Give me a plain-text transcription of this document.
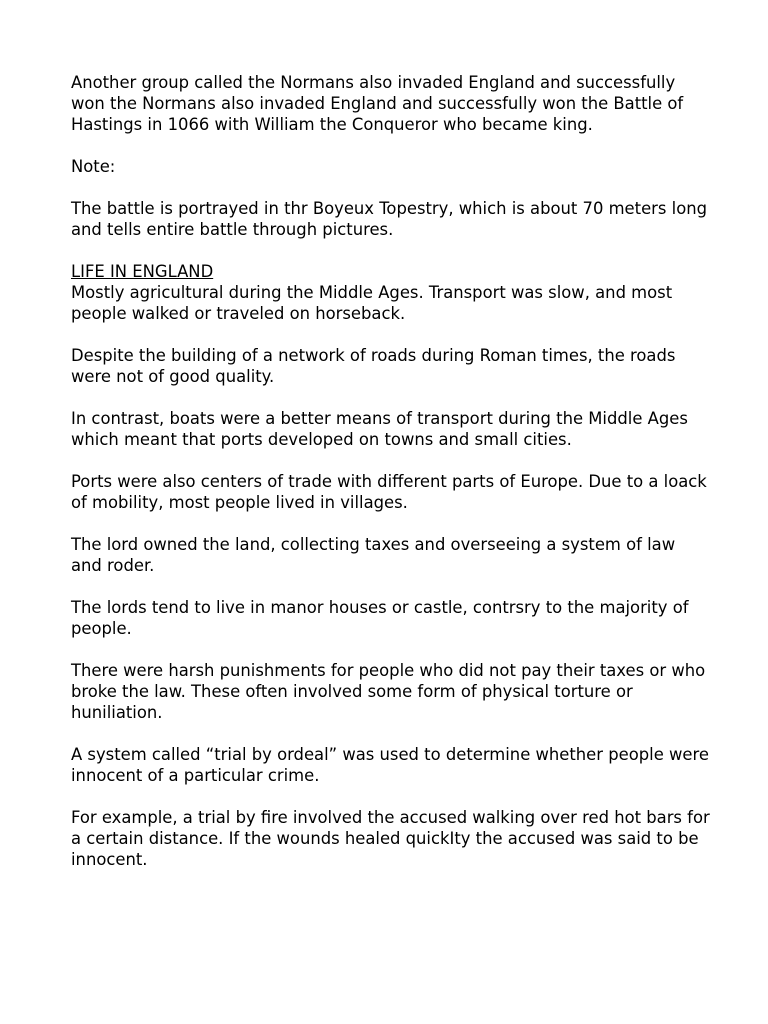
Another group called the Normans also invaded England and successfully won the Normans also invaded England and successfully won the Battle of Hastings in 1066 with William the Conqueror who became king.

Note:

The battle is portrayed in thr Boyeux Topestry, which is about 70 meters long and tells entire battle through pictures.

LIFE IN ENGLAND

Mostly agricultural during the Middle Ages. Transport was slow, and most people walked or traveled on horseback.

Despite the building of a network of roads during Roman times, the roads were not of good quality.

In contrast, boats were a better means of transport during the Middle Ages which meant that ports developed on towns and small cities.

Ports were also centers of trade with different parts of Europe. Due to a loack of mobility, most people lived in villages.

The lord owned the land, collecting taxes and overseeing a system of law and roder.

The lords tend to live in manor houses or castle, contrsry to the majority of people.

There were harsh punishments for people who did not pay their taxes or who broke the law. These often involved some form of physical torture or huniliation.

A system called “trial by ordeal” was used to determine whether people were innocent of a particular crime.

For example, a trial by fire involved the accused walking over red hot bars for a certain distance. If the wounds healed quickIty the accused was said to be innocent.
